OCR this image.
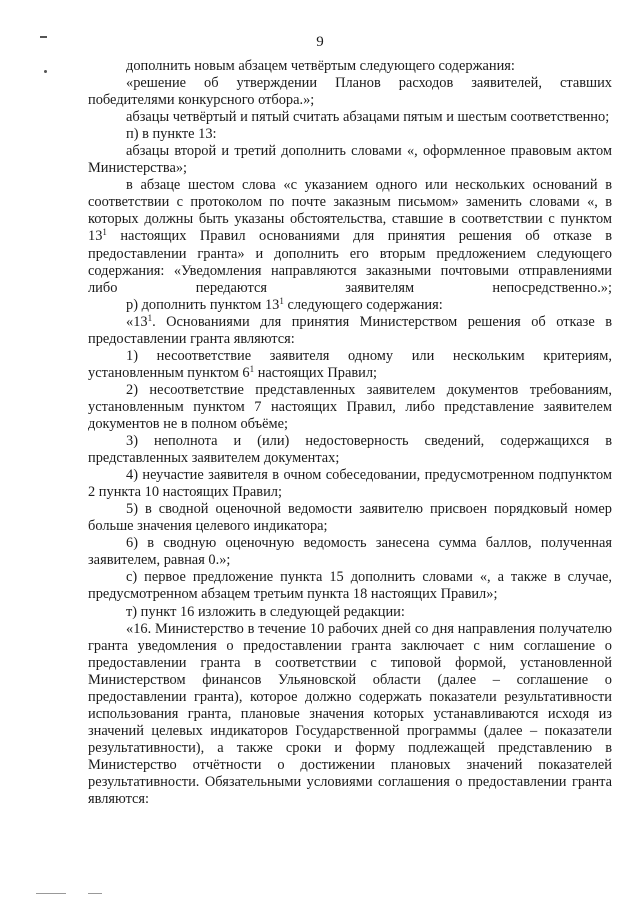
9

дополнить новым абзацем четвёртым следующего содержания:

«решение об утверждении Планов расходов заявителей, ставших победителями конкурсного отбора.»;

абзацы четвёртый и пятый считать абзацами пятым и шестым соответственно;

п) в пункте 13:

абзацы второй и третий дополнить словами «, оформленное правовым актом Министерства»;

в абзаце шестом слова «с указанием одного или нескольких оснований в соответствии с протоколом по почте заказным письмом» заменить словами «, в которых должны быть указаны обстоятельства, ставшие в соответствии с пунктом $13^1$ настоящих Правил основаниями для принятия решения об отказе в предоставлении гранта» и дополнить его вторым предложением следующего содержания: «Уведомления направляются заказными почтовыми отправлениями либо передаются заявителям непосредственно.»;

р) дополнить пунктом $13^1$ следующего содержания:

«$13^1$. Основаниями для принятия Министерством решения об отказе в предоставлении гранта являются:

1) несоответствие заявителя одному или нескольким критериям, установленным пунктом $6^1$ настоящих Правил;

2) несоответствие представленных заявителем документов требованиям, установленным пунктом 7 настоящих Правил, либо представление заявителем документов не в полном объёме;

3) неполнота и (или) недостоверность сведений, содержащихся в представленных заявителем документах;

4) неучастие заявителя в очном собеседовании, предусмотренном подпунктом 2 пункта 10 настоящих Правил;

5) в сводной оценочной ведомости заявителю присвоен порядковый номер больше значения целевого индикатора;

6) в сводную оценочную ведомость занесена сумма баллов, полученная заявителем, равная 0.»;

с) первое предложение пункта 15 дополнить словами «, а также в случае, предусмотренном абзацем третьим пункта 18 настоящих Правил»;

т) пункт 16 изложить в следующей редакции:

«16. Министерство в течение 10 рабочих дней со дня направления получателю гранта уведомления о предоставлении гранта заключает с ним соглашение о предоставлении гранта в соответствии с типовой формой, установленной Министерством финансов Ульяновской области (далее – соглашение о предоставлении гранта), которое должно содержать показатели результативности использования гранта, плановые значения которых устанавливаются исходя из значений целевых индикаторов Государственной программы (далее – показатели результативности), а также сроки и форму подлежащей представлению в Министерство отчётности о достижении плановых значений показателей результативности. Обязательными условиями соглашения о предоставлении гранта являются:
